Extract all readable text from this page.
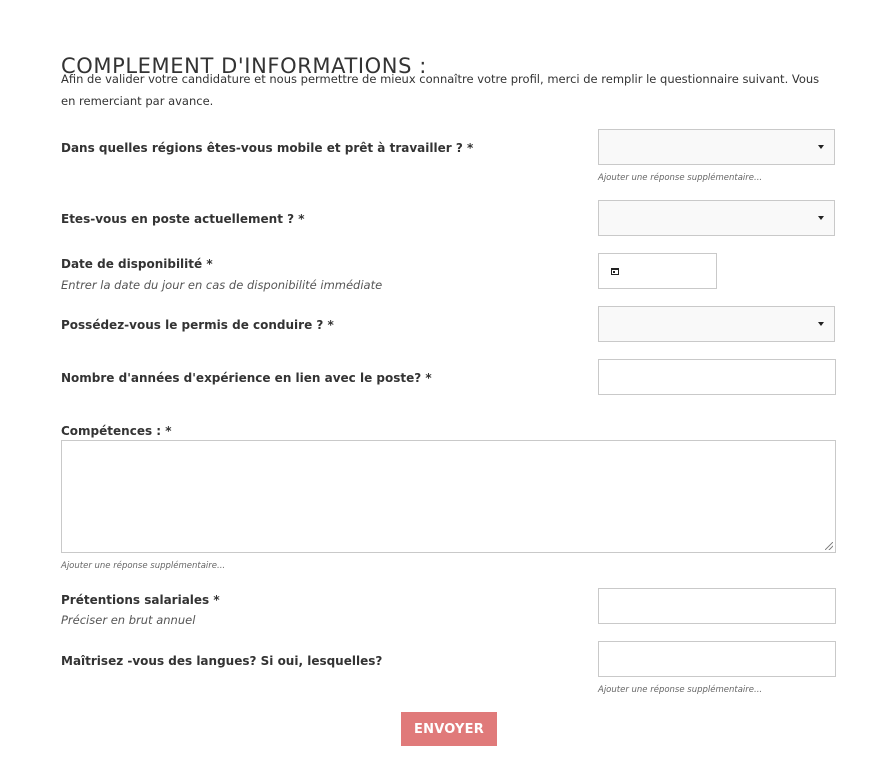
COMPLEMENT D'INFORMATIONS :
Afin de valider votre candidature et nous permettre de mieux connaître votre profil, merci de remplir le questionnaire suivant. Vous en remerciant par avance.
Dans quelles régions êtes-vous mobile et prêt à travailler ? *
Ajouter une réponse supplémentaire...
Etes-vous en poste actuellement ? *
Date de disponibilité *
Entrer la date du jour en cas de disponibilité immédiate
Possédez-vous le permis de conduire ? *
Nombre d'années d'expérience en lien avec le poste? *
Compétences : *
Ajouter une réponse supplémentaire...
Prétentions salariales *
Préciser en brut annuel
Maîtrisez -vous des langues? Si oui, lesquelles?
Ajouter une réponse supplémentaire...
ENVOYER
